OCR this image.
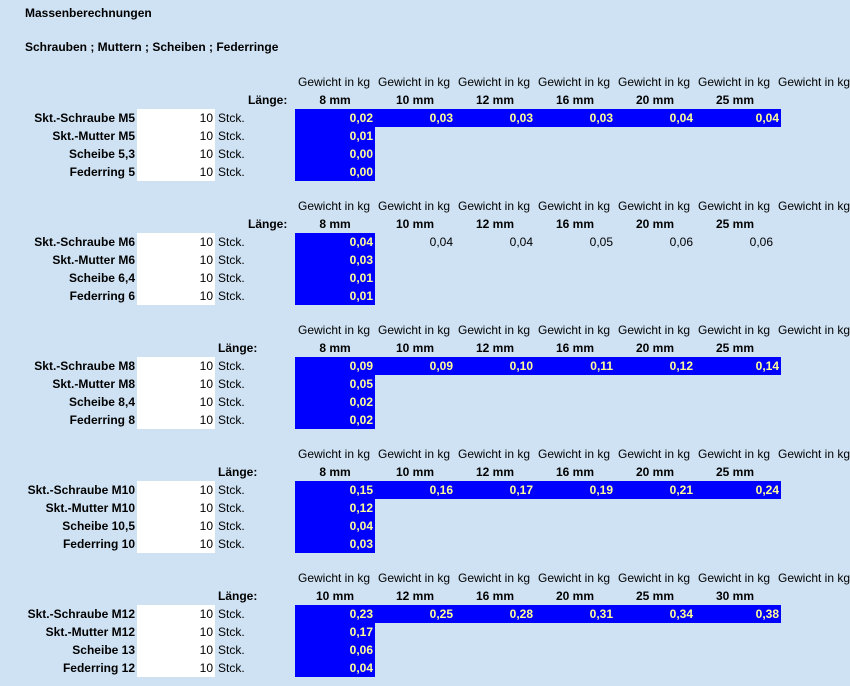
Massenberechnungen
Schrauben ; Muttern ; Scheiben ; Federringe
Gewicht in kg Gewicht in kg Gewicht in kg Gewicht in kg Gewicht in kg Gewicht in kg Gewicht in kg
Länge:	8 mm	10 mm	12 mm	16 mm	20 mm	25 mm
Skt.-Schraube M5	10 Stck.	0,02	0,03	0,03	0,03	0,04	0,04
Skt.-Mutter M5	10 Stck.	0,01
Scheibe 5,3	10 Stck.	0,00
Federring 5	10 Stck.	0,00
Gewicht in kg Gewicht in kg Gewicht in kg Gewicht in kg Gewicht in kg Gewicht in kg Gewicht in kg
Länge:	8 mm	10 mm	12 mm	16 mm	20 mm	25 mm
Skt.-Schraube M6	10 Stck.	0,04	0,04	0,04	0,05	0,06	0,06
Skt.-Mutter M6	10 Stck.	0,03
Scheibe 6,4	10 Stck.	0,01
Federring 6	10 Stck.	0,01
Gewicht in kg Gewicht in kg Gewicht in kg Gewicht in kg Gewicht in kg Gewicht in kg Gewicht in kg
Länge:	8 mm	10 mm	12 mm	16 mm	20 mm	25 mm
Skt.-Schraube M8	10 Stck.	0,09	0,09	0,10	0,11	0,12	0,14
Skt.-Mutter M8	10 Stck.	0,05
Scheibe 8,4	10 Stck.	0,02
Federring 8	10 Stck.	0,02
Gewicht in kg Gewicht in kg Gewicht in kg Gewicht in kg Gewicht in kg Gewicht in kg Gewicht in kg
Länge:	8 mm	10 mm	12 mm	16 mm	20 mm	25 mm
Skt.-Schraube M10	10 Stck.	0,15	0,16	0,17	0,19	0,21	0,24
Skt.-Mutter M10	10 Stck.	0,12
Scheibe 10,5	10 Stck.	0,04
Federring 10	10 Stck.	0,03
Gewicht in kg Gewicht in kg Gewicht in kg Gewicht in kg Gewicht in kg Gewicht in kg Gewicht in kg
Länge:	10 mm	12 mm	16 mm	20 mm	25 mm	30 mm
Skt.-Schraube M12	10 Stck.	0,23	0,25	0,28	0,31	0,34	0,38
Skt.-Mutter M12	10 Stck.	0,17
Scheibe 13	10 Stck.	0,06
Federring 12	10 Stck.	0,04
